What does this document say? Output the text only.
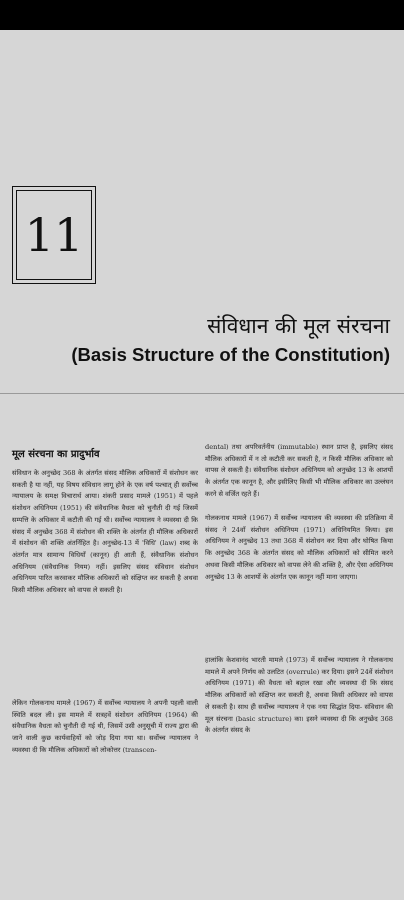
11
संविधान की मूल संरचना
(Basis Structure of the Constitution)
मूल संरचना का प्रादुर्भाव

संविधान के अनुच्छेद 368 के अंतर्गत संसद मौलिक अधिकारों में संशोधन कर सकती है या नहीं, यह विषय संविधान लागू होने के एक वर्ष पश्चात् ही सर्वोच्च न्यायालय के समक्ष विचारार्थ आया। शंकरी प्रसाद मामले (1951) में पहले संशोधन अधिनियम (1951) की संवैधानिक वैधता को चुनौती दी गई जिसमें सम्पत्ति के अधिकार में कटौती की गई थी। सर्वोच्च न्यायालय ने व्यवस्था दी कि संसद में अनुच्छेद 368 में संशोधन की शक्ति के अंतर्गत ही मौलिक अधिकारों में संशोधन की शक्ति अंतर्निहित है। अनुच्छेद-13 में 'विधि' (law) शब्द के अंतर्गत मात्र सामान्य विधियाँ (कानून) ही आती हैं, संवैधानिक संशोधन अधिनियम (संवैधानिक नियम) नहीं। इसलिए संसद संविधान संशोधन अधिनियम पारित करवाकर मौलिक अधिकारों को संक्षिप्त कर सकती है अथवा किसी मौलिक अधिकार को वापस ले सकती है।

लेकिन गोलकनाथ मामले (1967) में सर्वोच्च न्यायालय ने अपनी पहली वाली स्थिति बदल ली। इस मामले में सत्रहवें संशोधन अधिनियम (1964) की संवैधानिक वैधता को चुनौती दी गई थी, जिसमें उसी अनुसूची में राज्य द्वारा की जाने वाली कुछ कार्यवाहियों को जोड़ दिया गया था। सर्वोच्च न्यायालय ने व्यवस्था दी कि मौलिक अधिकारों को लोकोत्तर (transcen-

dental) तथा अपरिवर्तनीय (immutable) स्थान प्राप्त है, इसलिए संसद मौलिक अधिकारों में न तो कटौती कर सकती है, न किसी मौलिक अधिकार को वापस ले सकती है। संवैधानिक संशोधन अधिनियम को अनुच्छेद 13 के आशयों के अंतर्गत एक कानून है, और इसीलिए किसी भी मौलिक अधिकार का उल्लंघन करने से वर्जित रहते हैं।

गोलकनाथ मामले (1967) में सर्वोच्च न्यायालय की व्यवस्था की प्रतिक्रिया में संसद ने 24वाँ संशोधन अधिनियम (1971) अधिनियमित किया। इस अधिनियम ने अनुच्छेद 13 तथा 368 में संशोधन कर दिया और घोषित किया कि अनुच्छेद 368 के अंतर्गत संसद को मौलिक अधिकारों को सीमित करने अथवा किसी मौलिक अधिकार को वापस लेने की शक्ति है, और ऐसा अधिनियम अनुच्छेद 13 के आशयों के अंतर्गत एक कानून नहीं माना जाएगा।

हालांकि केशवानंद भारती मामले (1973) में सर्वोच्च न्यायालय ने गोलकनाथ मामले में अपने निर्णय को उलटित (overrule) कर दिया। इसने 24वें संशोधन अधिनियम (1971) की वैधता को बहाल रखा और व्यवस्था दी कि संसद मौलिक अधिकारों को संक्षिप्त कर सकती है, अथवा किसी अधिकार को वापस ले सकती है। साथ ही सर्वोच्च न्यायालय ने एक नया सिद्धांत दिया- संविधान की मूल संरचना (basic structure) का। इसने व्यवस्था दी कि अनुच्छेद 368 के अंतर्गत संसद के
